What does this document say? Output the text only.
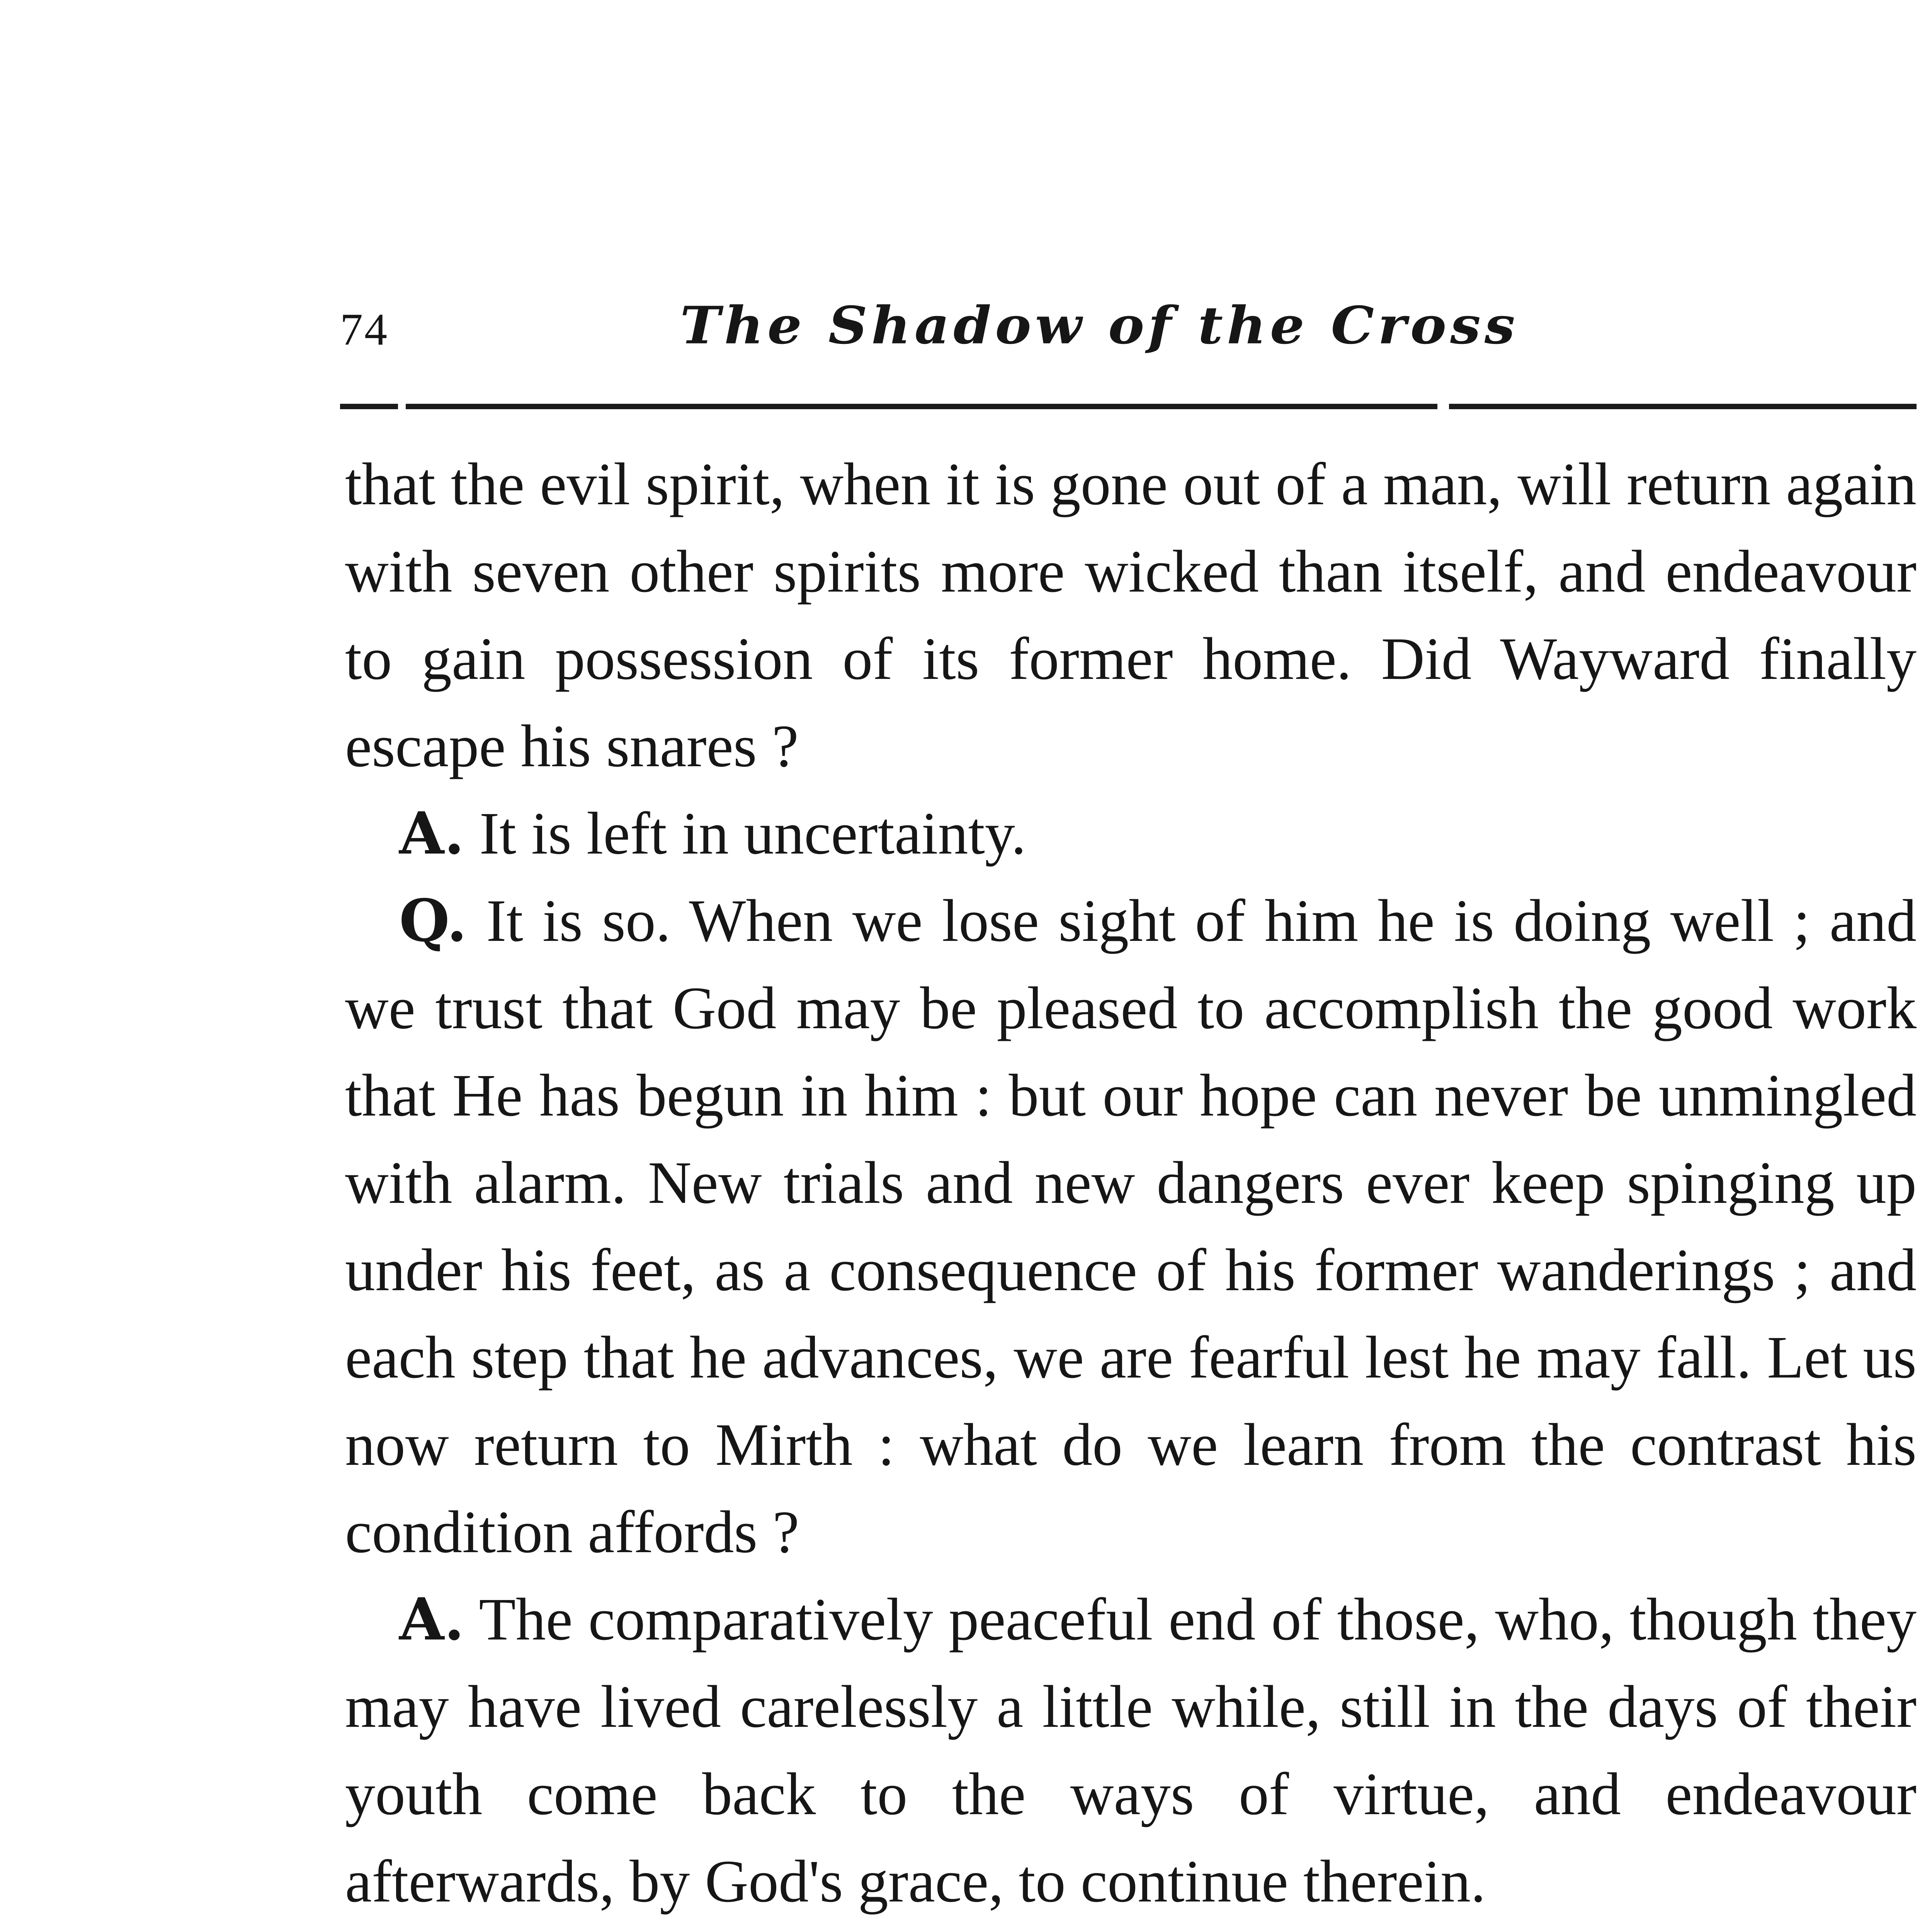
74	The Shadow of the Cross

that the evil spirit, when it is gone out of a man, will return again with seven other spirits more wicked than itself, and endeavour to gain possession of its former home. Did Wayward finally escape his snares ?

A. It is left in uncertainty.

Q. It is so. When we lose sight of him he is doing well ; and we trust that God may be pleased to accomplish the good work that He has begun in him : but our hope can never be unmingled with alarm. New trials and new dangers ever keep spinging up under his feet, as a consequence of his former wanderings ; and each step that he advances, we are fearful lest he may fall. Let us now return to Mirth : what do we learn from the contrast his condition affords ?

A. The comparatively peaceful end of those, who, though they may have lived carelessly a little while, still in the days of their youth come back to the ways of virtue, and endeavour afterwards, by God's grace, to continue therein.
